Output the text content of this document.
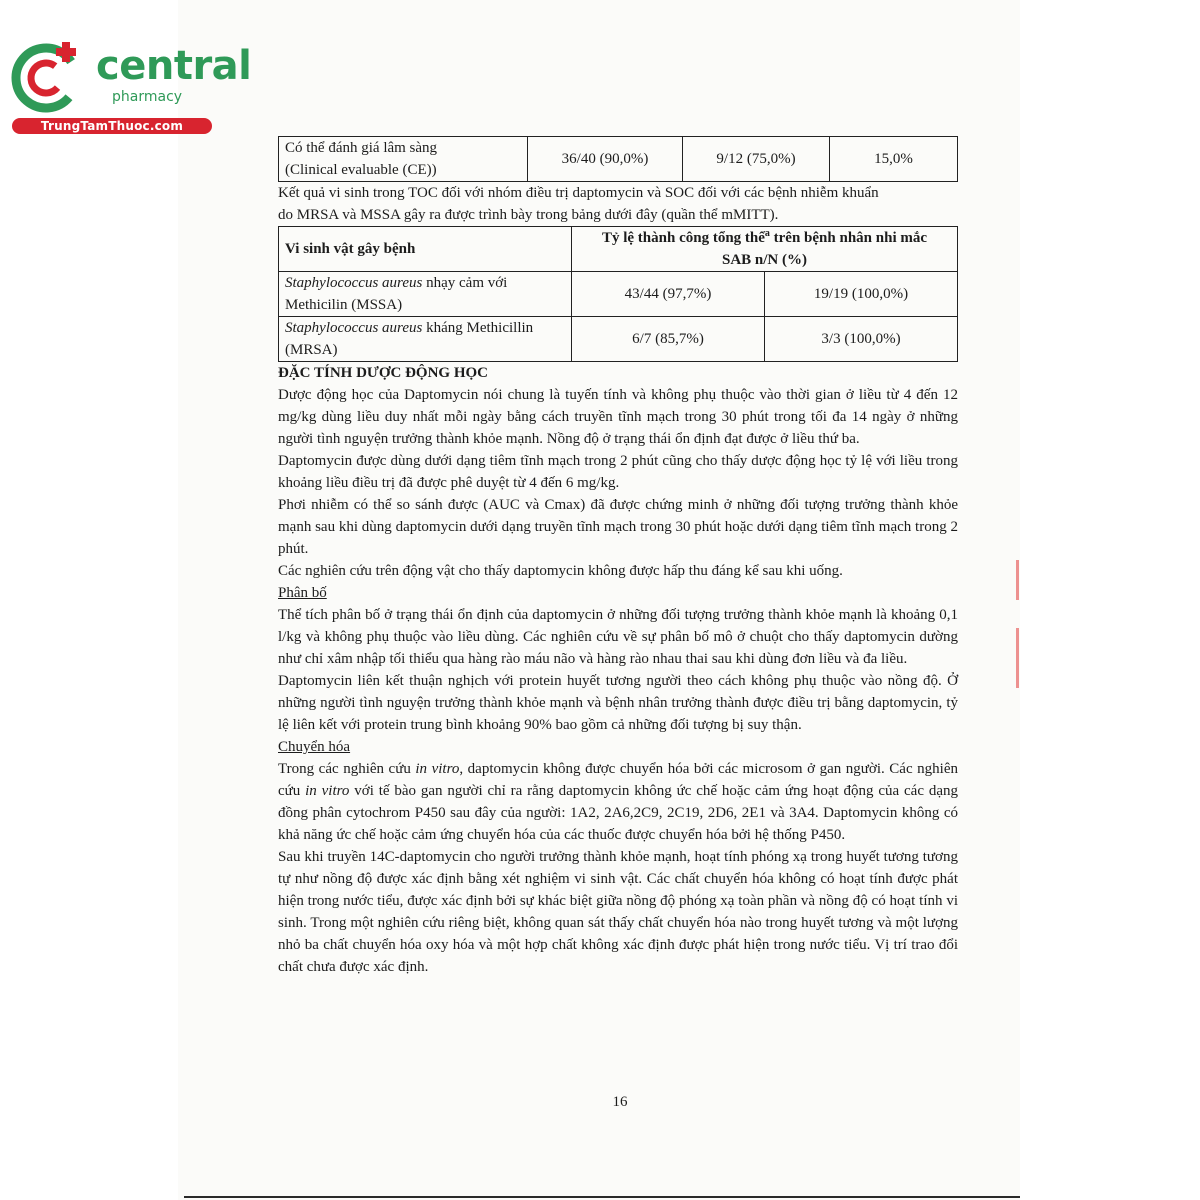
central
pharmacy
TrungTamThuoc.com
Có thể đánh giá lâm sàng
(Clinical evaluable (CE))	36/40 (90,0%)	9/12 (75,0%)	15,0%

Kết quả vi sinh trong TOC đối với nhóm điều trị daptomycin và SOC đối với các bệnh nhiễm khuẩn
do MRSA và MSSA gây ra được trình bày trong bảng dưới đây (quần thể mMITT).

Vi sinh vật gây bệnh	Tỷ lệ thành công tổng thể$^a$ trên bệnh nhân nhi mắc
SAB n/N (%)	
Staphylococcus aureus nhạy cảm với
Methicilin (MSSA)	43/44 (97,7%)	19/19 (100,0%)
Staphylococcus aureus kháng Methicillin
(MRSA)	6/7 (85,7%)	3/3 (100,0%)

ĐẶC TÍNH DƯỢC ĐỘNG HỌC

Dược động học của Daptomycin nói chung là tuyến tính và không phụ thuộc vào thời gian ở liều từ 4 đến 12 mg/kg dùng liều duy nhất mỗi ngày bằng cách truyền tĩnh mạch trong 30 phút trong tối đa 14 ngày ở những người tình nguyện trưởng thành khỏe mạnh. Nồng độ ở trạng thái ổn định đạt được ở liều thứ ba.

Daptomycin được dùng dưới dạng tiêm tĩnh mạch trong 2 phút cũng cho thấy dược động học tỷ lệ với liều trong khoảng liều điều trị đã được phê duyệt từ 4 đến 6 mg/kg.

Phơi nhiễm có thể so sánh được (AUC và Cmax) đã được chứng minh ở những đối tượng trưởng thành khỏe mạnh sau khi dùng daptomycin dưới dạng truyền tĩnh mạch trong 30 phút hoặc dưới dạng tiêm tĩnh mạch trong 2 phút.

Các nghiên cứu trên động vật cho thấy daptomycin không được hấp thu đáng kể sau khi uống.

Phân bố

Thể tích phân bố ở trạng thái ổn định của daptomycin ở những đối tượng trưởng thành khỏe mạnh là khoảng 0,1 l/kg và không phụ thuộc vào liều dùng. Các nghiên cứu về sự phân bố mô ở chuột cho thấy daptomycin dường như chỉ xâm nhập tối thiểu qua hàng rào máu não và hàng rào nhau thai sau khi dùng đơn liều và đa liều.

Daptomycin liên kết thuận nghịch với protein huyết tương người theo cách không phụ thuộc vào nồng độ. Ở những người tình nguyện trưởng thành khỏe mạnh và bệnh nhân trưởng thành được điều trị bằng daptomycin, tỷ lệ liên kết với protein trung bình khoảng 90% bao gồm cả những đối tượng bị suy thận.

Chuyển hóa

Trong các nghiên cứu in vitro, daptomycin không được chuyển hóa bởi các microsom ở gan người. Các nghiên cứu in vitro với tế bào gan người chỉ ra rằng daptomycin không ức chế hoặc cảm ứng hoạt động của các dạng đồng phân cytochrom P450 sau đây của người: 1A2, 2A6,2C9, 2C19, 2D6, 2E1 và 3A4. Daptomycin không có khả năng ức chế hoặc cảm ứng chuyển hóa của các thuốc được chuyển hóa bởi hệ thống P450.

Sau khi truyền 14C-daptomycin cho người trưởng thành khỏe mạnh, hoạt tính phóng xạ trong huyết tương tương tự như nồng độ được xác định bằng xét nghiệm vi sinh vật. Các chất chuyển hóa không có hoạt tính được phát hiện trong nước tiểu, được xác định bởi sự khác biệt giữa nồng độ phóng xạ toàn phần và nồng độ có hoạt tính vi sinh. Trong một nghiên cứu riêng biệt, không quan sát thấy chất chuyển hóa nào trong huyết tương và một lượng nhỏ ba chất chuyển hóa oxy hóa và một hợp chất không xác định được phát hiện trong nước tiểu. Vị trí trao đổi chất chưa được xác định.

16
